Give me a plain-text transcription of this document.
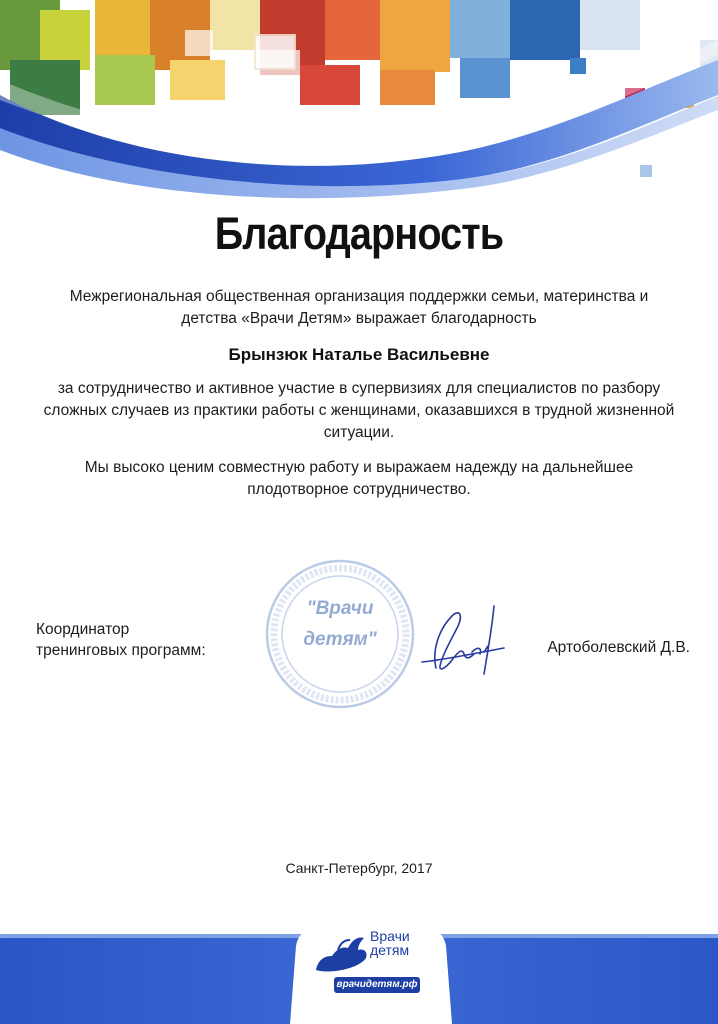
Благодарность
Межрегиональная общественная организация поддержки семьи, материнства и детства «Врачи Детям» выражает благодарность
Брынзюк Наталье Васильевне
за сотрудничество и активное участие в супервизиях для специалистов по разбору сложных случаев из практики работы с женщинами, оказавшихся в трудной жизненной ситуации.
Мы высоко ценим совместную работу и выражаем надежду на дальнейшее плодотворное сотрудничество.
Координатор
тренинговых программ:
"Врачи
детям"	Артоболевский Д.В.
Санкт-Петербург, 2017
Врачи
детям
врачидетям.рф
